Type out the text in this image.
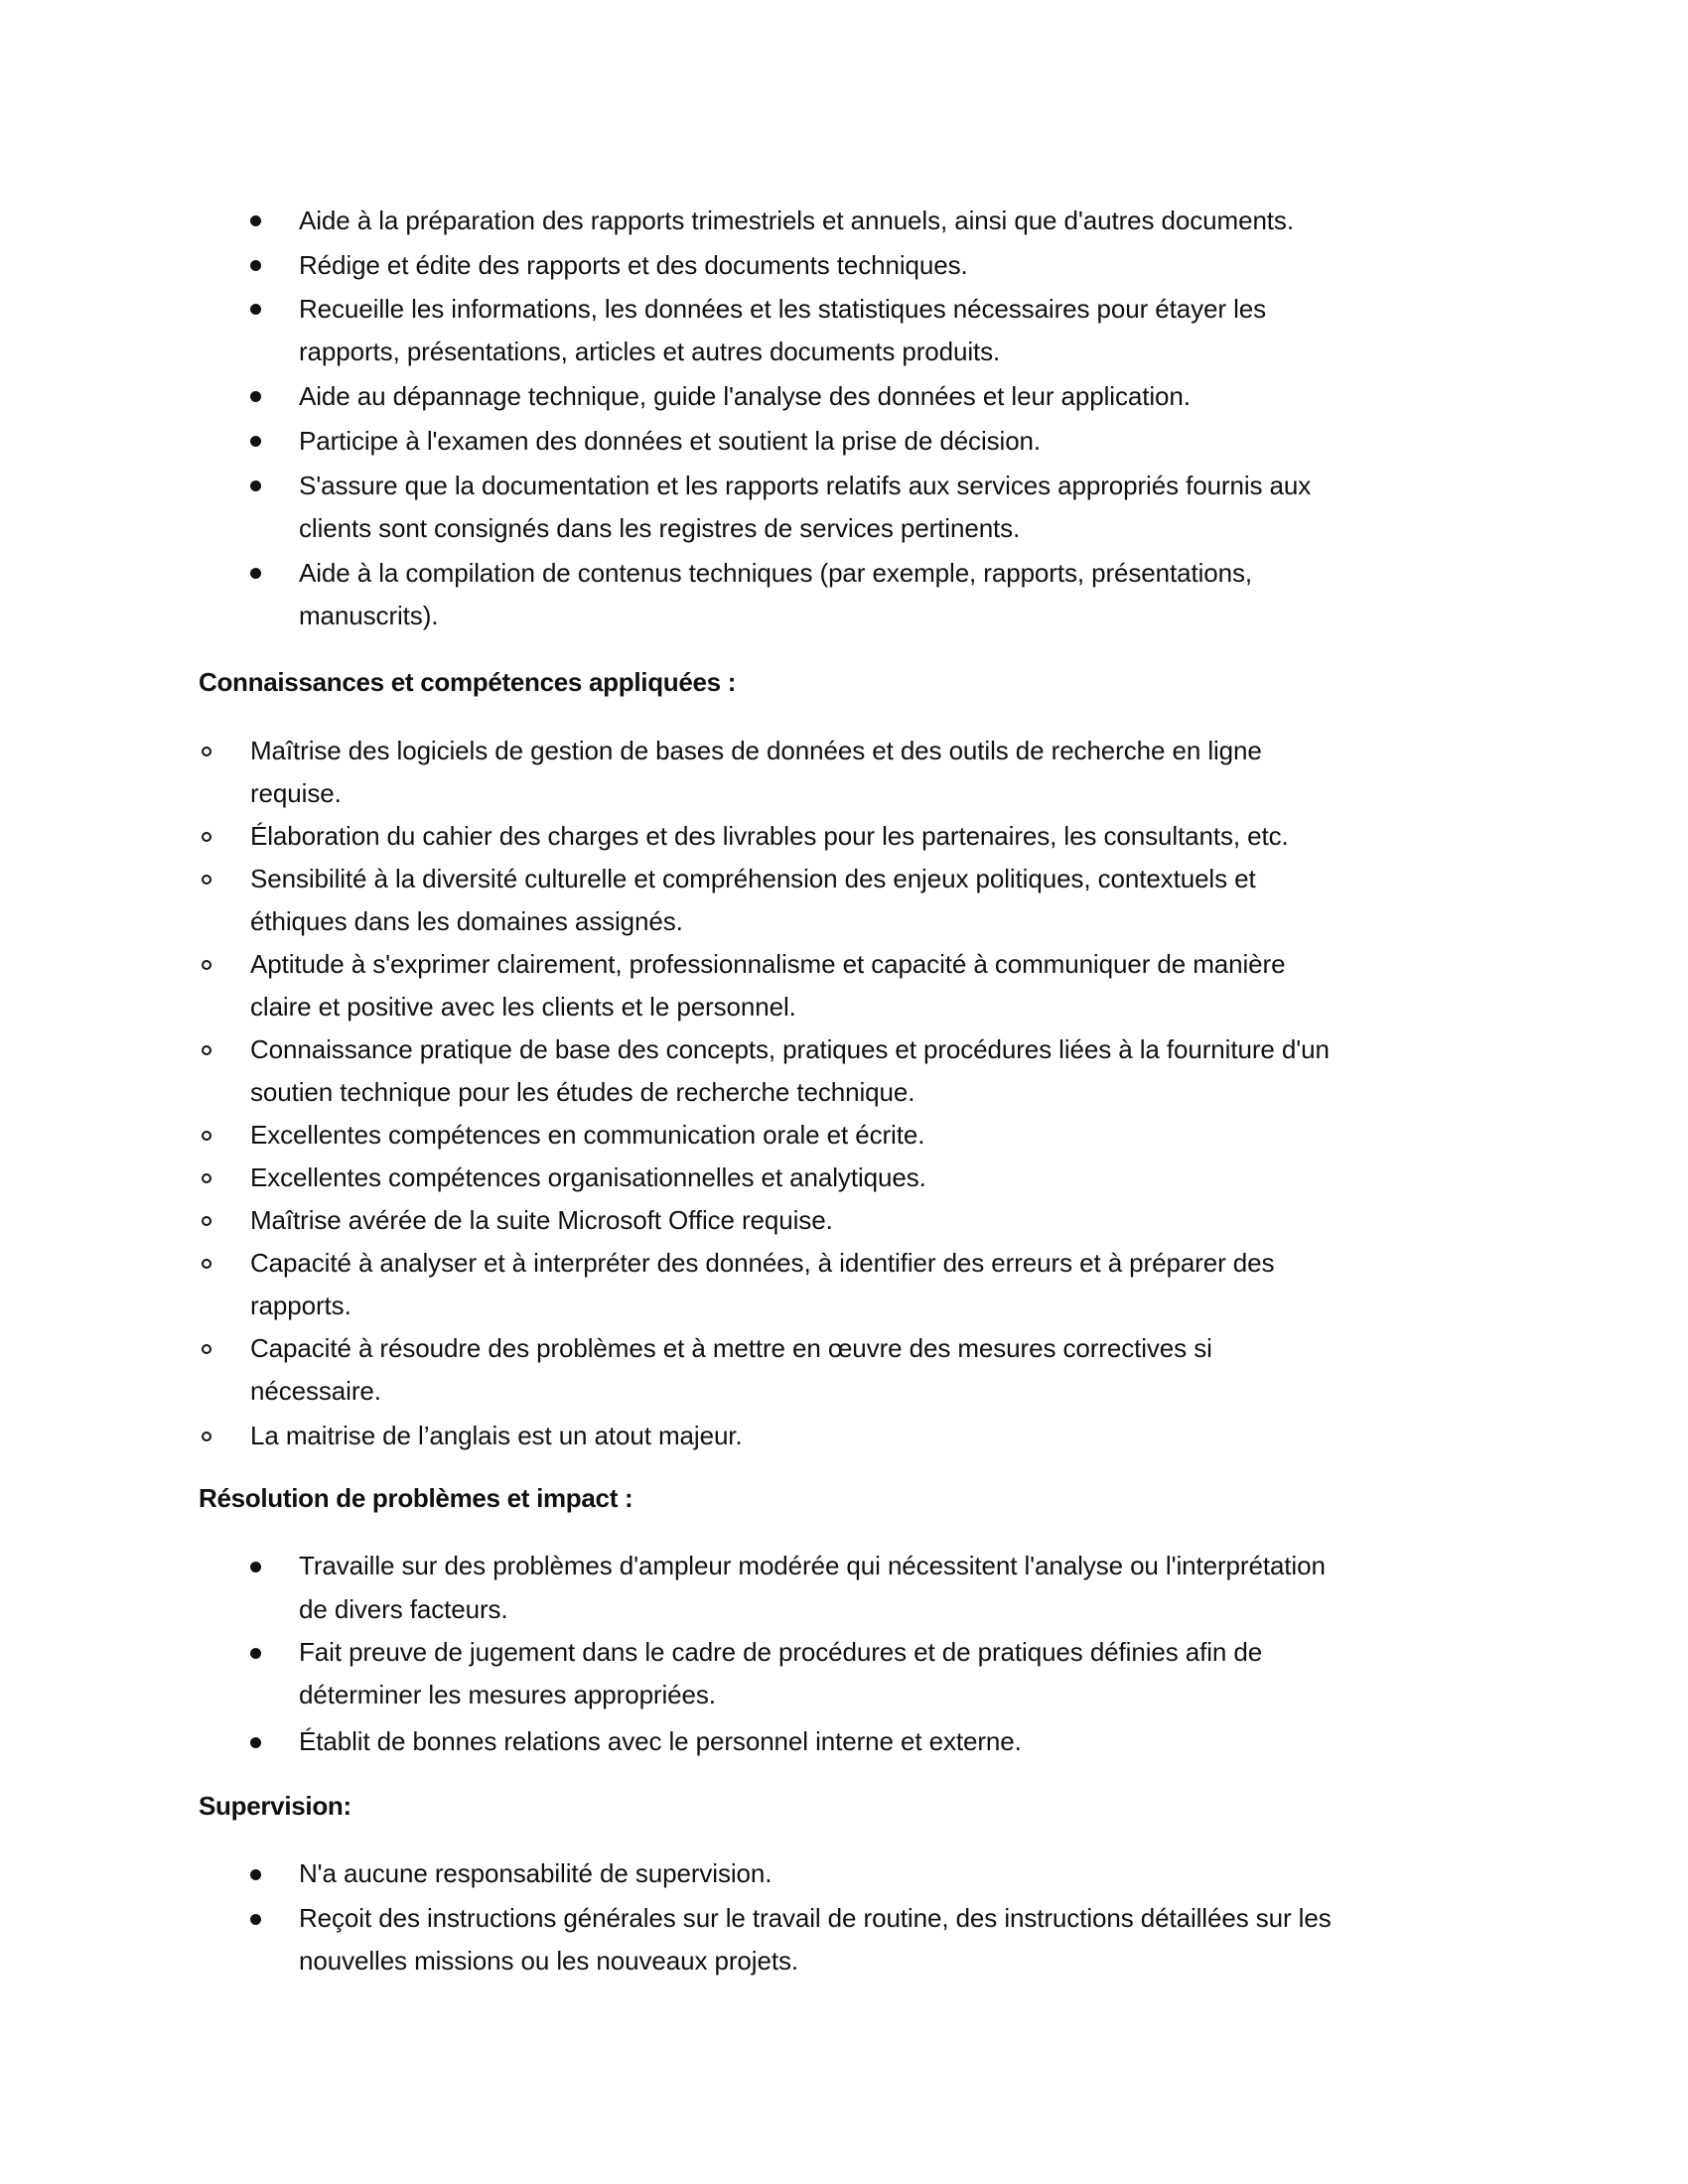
Aide à la préparation des rapports trimestriels et annuels, ainsi que d'autres documents.
Rédige et édite des rapports et des documents techniques.
Recueille les informations, les données et les statistiques nécessaires pour étayer les
rapports, présentations, articles et autres documents produits.
Aide au dépannage technique, guide l'analyse des données et leur application.
Participe à l'examen des données et soutient la prise de décision.
S'assure que la documentation et les rapports relatifs aux services appropriés fournis aux
clients sont consignés dans les registres de services pertinents.
Aide à la compilation de contenus techniques (par exemple, rapports, présentations,
manuscrits).
Connaissances et compétences appliquées :
Maîtrise des logiciels de gestion de bases de données et des outils de recherche en ligne
requise.
Élaboration du cahier des charges et des livrables pour les partenaires, les consultants, etc.
Sensibilité à la diversité culturelle et compréhension des enjeux politiques, contextuels et
éthiques dans les domaines assignés.
Aptitude à s'exprimer clairement, professionnalisme et capacité à communiquer de manière
claire et positive avec les clients et le personnel.
Connaissance pratique de base des concepts, pratiques et procédures liées à la fourniture d'un
soutien technique pour les études de recherche technique.
Excellentes compétences en communication orale et écrite.
Excellentes compétences organisationnelles et analytiques.
Maîtrise avérée de la suite Microsoft Office requise.
Capacité à analyser et à interpréter des données, à identifier des erreurs et à préparer des
rapports.
Capacité à résoudre des problèmes et à mettre en œuvre des mesures correctives si
nécessaire.
La maitrise de l’anglais est un atout majeur.
Résolution de problèmes et impact :
Travaille sur des problèmes d'ampleur modérée qui nécessitent l'analyse ou l'interprétation
de divers facteurs.
Fait preuve de jugement dans le cadre de procédures et de pratiques définies afin de
déterminer les mesures appropriées.
Établit de bonnes relations avec le personnel interne et externe.
Supervision:
N'a aucune responsabilité de supervision.
Reçoit des instructions générales sur le travail de routine, des instructions détaillées sur les
nouvelles missions ou les nouveaux projets.
